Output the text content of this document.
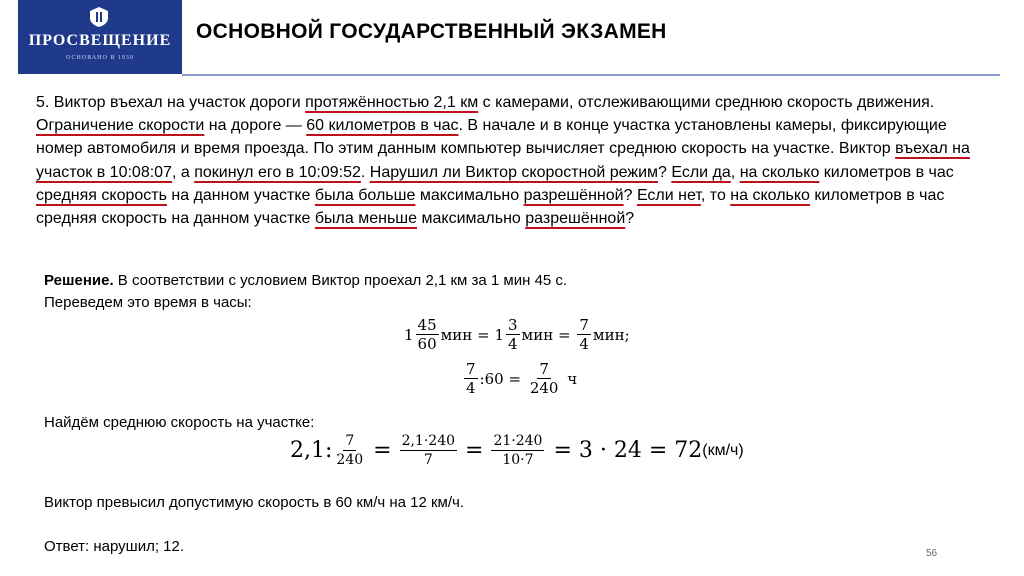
ПРОСВЕЩЕНИЕ
ОСНОВАНО В 1930
ОСНОВНОЙ ГОСУДАРСТВЕННЫЙ ЭКЗАМЕН
5. Виктор въехал на участок дороги протяжённостью 2,1 км с камерами, отслеживающими среднюю скорость движения. Ограничение скорости на дороге — 60 километров в час. В начале и в конце участка установлены камеры, фиксирующие номер автомобиля и время проезда. По этим данным компьютер вычисляет среднюю скорость на участке. Виктор въехал на участок в 10:08:07, а покинул его в 10:09:52. Нарушил ли Виктор скоростной режим? Если да, на сколько километров в час средняя скорость на данном участке была больше максимально разрешённой? Если нет, то на сколько километров в час средняя скорость на данном участке была меньше максимально разрешённой?
Решение. В соответствии с условием Виктор проехал 2,1 км за 1 мин 45 с.
Переведем это время в часы:
$1 \frac{45}{60}$ мин
=
$1 \frac{3}{4}$ мин
=
$\frac{7}{4}$ мин;
$\frac{7}{4}$ :60 =
$\frac{7}{240}$
ч
Найдём среднюю скорость на участке:
2,1: $\frac{7}{240} = \frac{2,1\cdot 240}{7} = \frac{21\cdot 240}{10\cdot 7}$
= 3 · 24 = 72 (км/ч)
Виктор превысил допустимую скорость в 60 км/ч на 12 км/ч.
Ответ: нарушил; 12.	56
